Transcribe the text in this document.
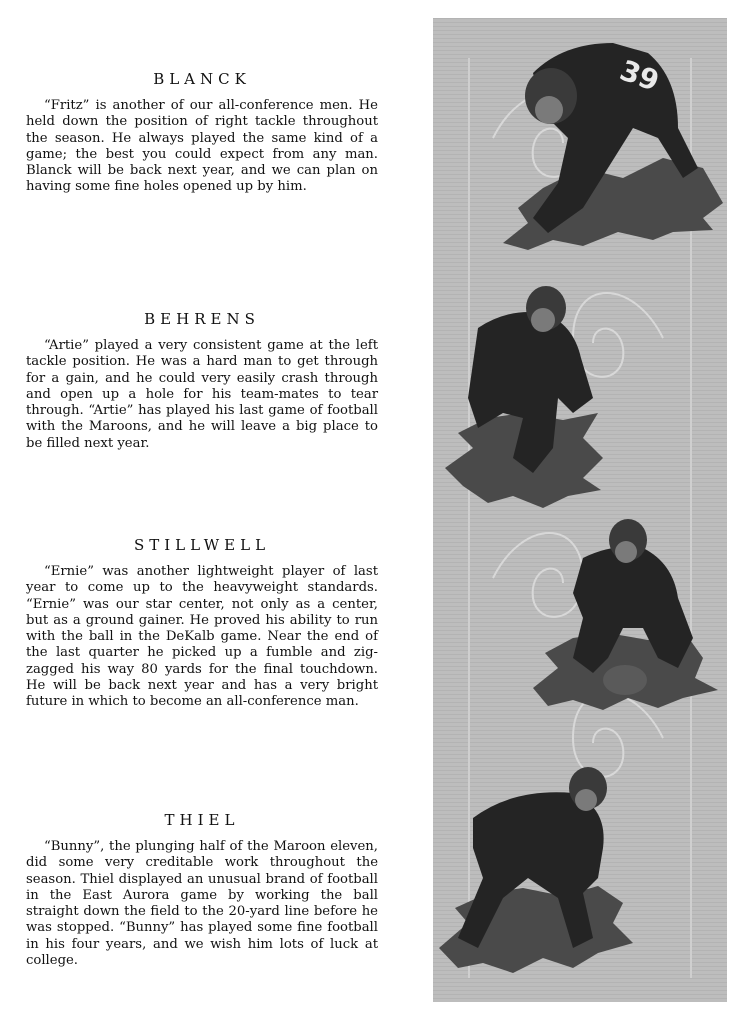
BLANCK

“Fritz” is another of our all-conference men. He held down the position of right tackle throughout the season. He always played the same kind of a game; the best you could expect from any man. Blanck will be back next year, and we can plan on having some fine holes opened up by him.

BEHRENS

“Artie” played a very consistent game at the left tackle position. He was a hard man to get through for a gain, and he could very easily crash through and open up a hole for his team-mates to tear through. “Artie” has played his last game of football with the Maroons, and he will leave a big place to be filled next year.

STILLWELL

“Ernie” was another lightweight player of last year to come up to the heavyweight standards. “Ernie” was our star center, not only as a center, but as a ground gainer. He proved his ability to run with the ball in the DeKalb game. Near the end of the last quarter he picked up a fumble and zig-zagged his way 80 yards for the final touchdown. He will be back next year and has a very bright future in which to become an all-conference man.

THIEL

“Bunny”, the plunging half of the Maroon eleven, did some very creditable work throughout the season. Thiel displayed an unusual brand of football in the East Aurora game by working the ball straight down the field to the 20-yard line before he was stopped. “Bunny” has played some fine football in his four years, and we wish him lots of luck at college.

39
